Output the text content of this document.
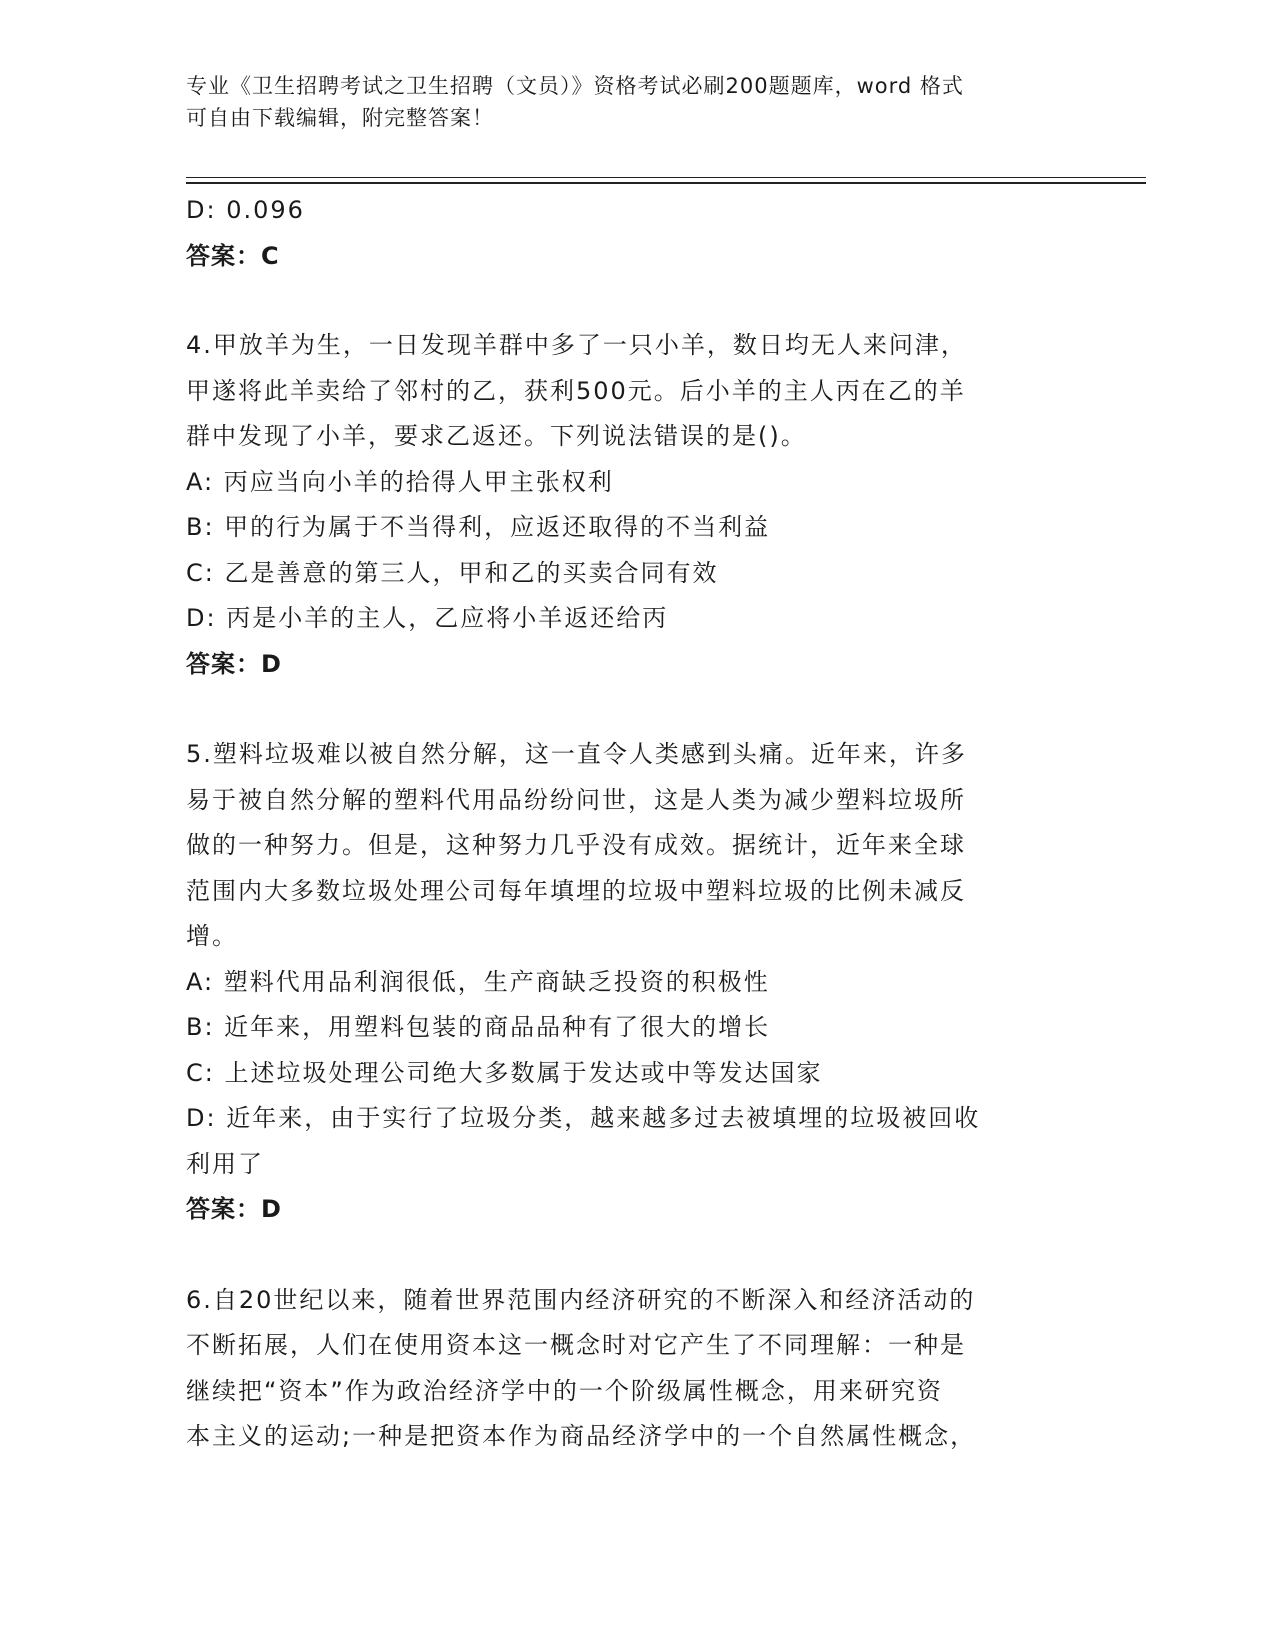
专业《卫生招聘考试之卫生招聘（文员）》资格考试必刷200题题库，word 格式
可自由下载编辑，附完整答案！
D: 0.096
答案：C
4.甲放羊为生，一日发现羊群中多了一只小羊，数日均无人来问津，
甲遂将此羊卖给了邻村的乙，获利500元。后小羊的主人丙在乙的羊
群中发现了小羊，要求乙返还。下列说法错误的是()。
A: 丙应当向小羊的拾得人甲主张权利
B: 甲的行为属于不当得利，应返还取得的不当利益
C: 乙是善意的第三人，甲和乙的买卖合同有效
D: 丙是小羊的主人，乙应将小羊返还给丙
答案：D
5.塑料垃圾难以被自然分解，这一直令人类感到头痛。近年来，许多
易于被自然分解的塑料代用品纷纷问世，这是人类为减少塑料垃圾所
做的一种努力。但是，这种努力几乎没有成效。据统计，近年来全球
范围内大多数垃圾处理公司每年填埋的垃圾中塑料垃圾的比例未减反
增。
A: 塑料代用品利润很低，生产商缺乏投资的积极性
B: 近年来，用塑料包装的商品品种有了很大的增长
C: 上述垃圾处理公司绝大多数属于发达或中等发达国家
D: 近年来，由于实行了垃圾分类，越来越多过去被填埋的垃圾被回收
利用了
答案：D
6.自20世纪以来，随着世界范围内经济研究的不断深入和经济活动的
不断拓展，人们在使用资本这一概念时对它产生了不同理解：一种是
继续把“资本”作为政治经济学中的一个阶级属性概念，用来研究资
本主义的运动;一种是把资本作为商品经济学中的一个自然属性概念，
